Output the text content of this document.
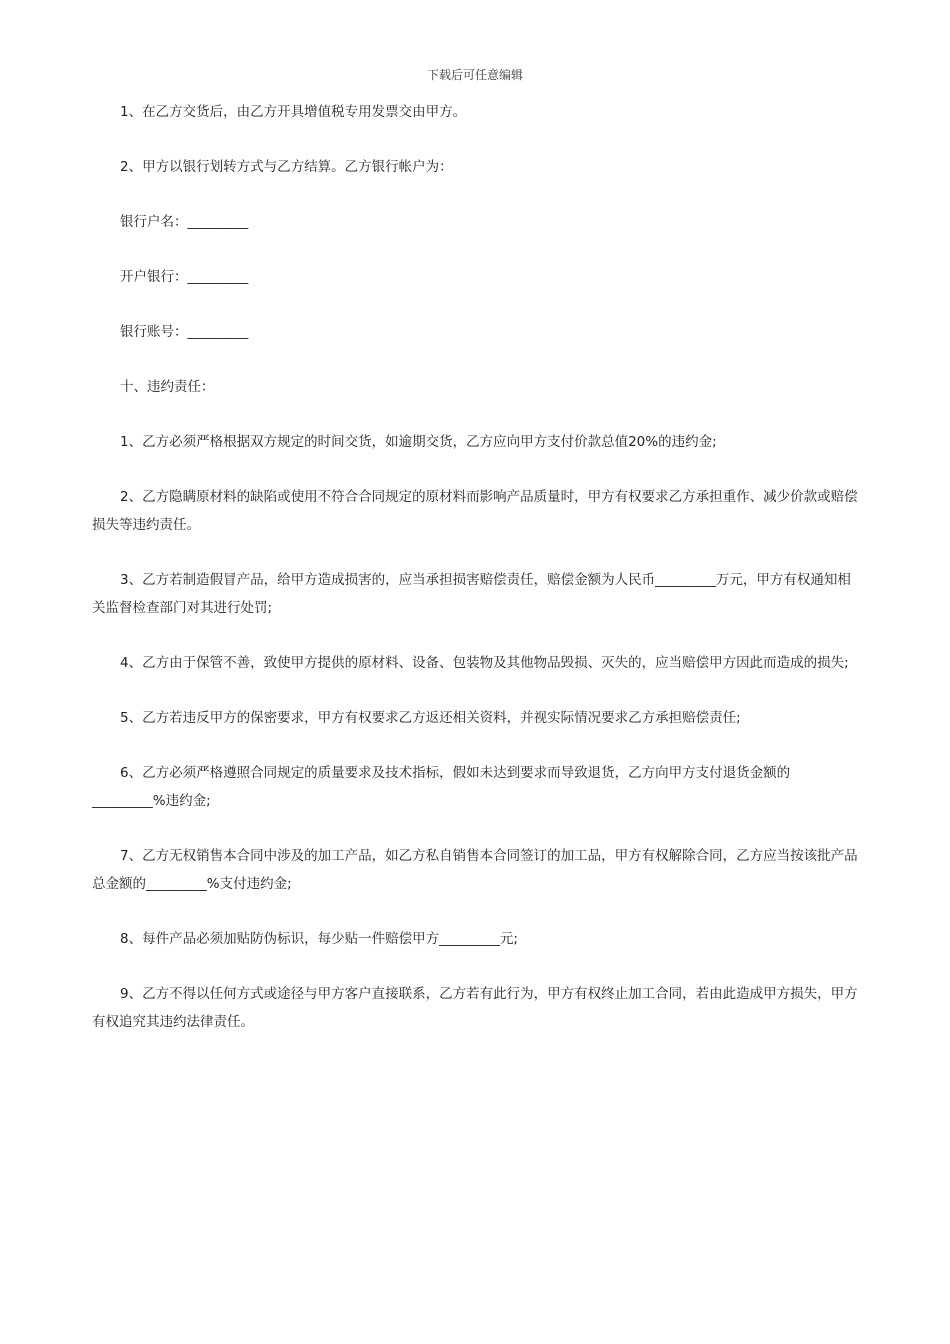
下载后可任意编辑

1、在乙方交货后，由乙方开具增值税专用发票交由甲方。

2、甲方以银行划转方式与乙方结算。乙方银行帐户为：

银行户名：_________

开户银行：_________

银行账号：_________

十、违约责任：

1、乙方必须严格根据双方规定的时间交货，如逾期交货，乙方应向甲方支付价款总值20%的违约金;

2、乙方隐瞒原材料的缺陷或使用不符合合同规定的原材料而影响产品质量时，甲方有权要求乙方承担重作、减少价款或赔偿损失等违约责任。

3、乙方若制造假冒产品，给甲方造成损害的，应当承担损害赔偿责任，赔偿金额为人民币_________万元，甲方有权通知相关监督检查部门对其进行处罚;

4、乙方由于保管不善，致使甲方提供的原材料、设备、包装物及其他物品毁损、灭失的，应当赔偿甲方因此而造成的损失;

5、乙方若违反甲方的保密要求，甲方有权要求乙方返还相关资料，并视实际情况要求乙方承担赔偿责任;

6、乙方必须严格遵照合同规定的质量要求及技术指标，假如未达到要求而导致退货，乙方向甲方支付退货金额的_________%违约金;

7、乙方无权销售本合同中涉及的加工产品，如乙方私自销售本合同签订的加工品，甲方有权解除合同，乙方应当按该批产品总金额的_________%支付违约金;

8、每件产品必须加贴防伪标识，每少贴一件赔偿甲方_________元;

9、乙方不得以任何方式或途径与甲方客户直接联系，乙方若有此行为，甲方有权终止加工合同，若由此造成甲方损失，甲方有权追究其违约法律责任。
